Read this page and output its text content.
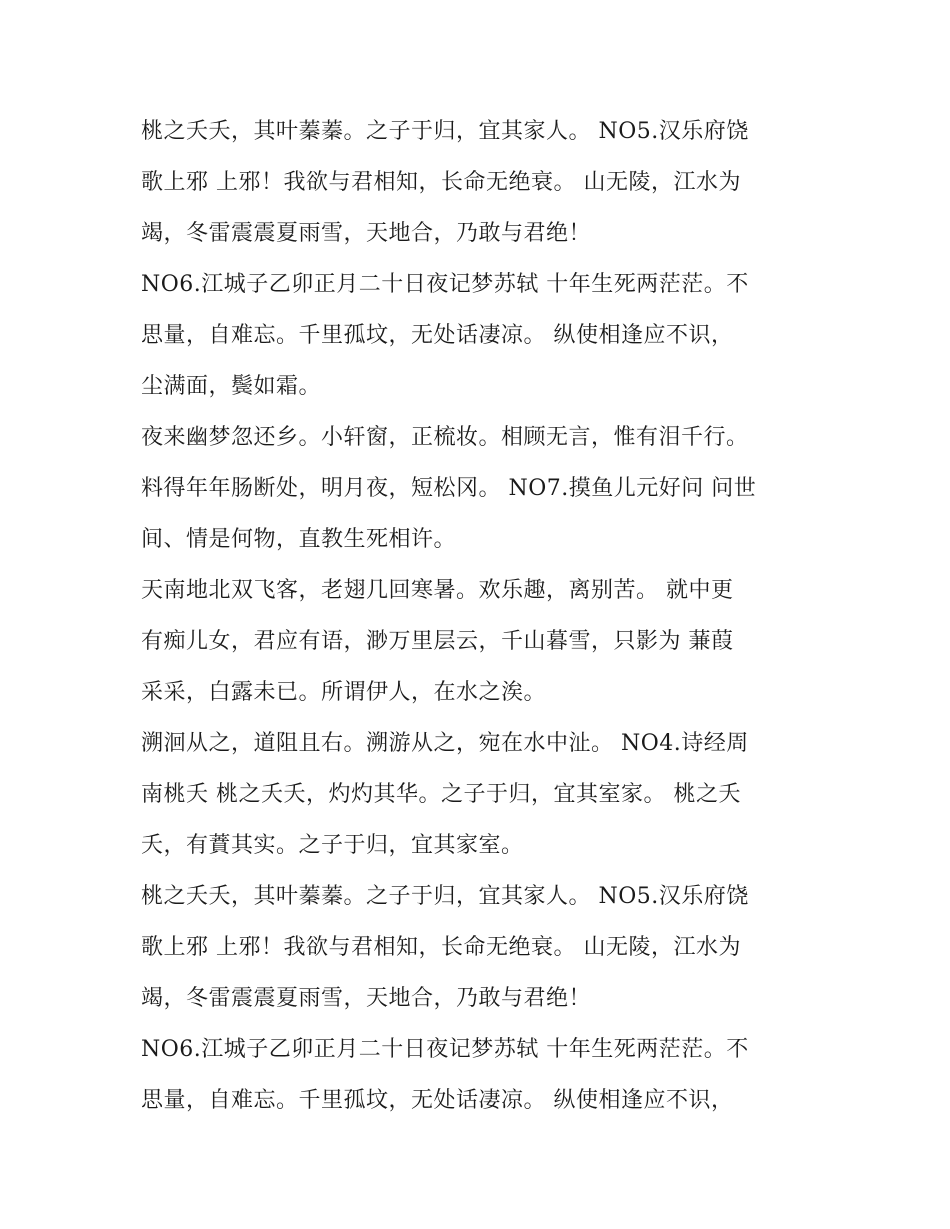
桃之夭夭，其叶蓁蓁。之子于归，宜其家人。 NO5.汉乐府饶
歌上邪 上邪！我欲与君相知，长命无绝衰。 山无陵，江水为
竭，冬雷震震夏雨雪，天地合，乃敢与君绝！
NO6.江城子乙卯正月二十日夜记梦苏轼 十年生死两茫茫。不
思量，自难忘。千里孤坟，无处话凄凉。 纵使相逢应不识，
尘满面，鬓如霜。
夜来幽梦忽还乡。小轩窗，正梳妆。相顾无言，惟有泪千行。
料得年年肠断处，明月夜，短松冈。 NO7.摸鱼儿元好问 问世
间、情是何物，直教生死相许。
天南地北双飞客，老翅几回寒暑。欢乐趣，离别苦。 就中更
有痴儿女，君应有语，渺万里层云，千山暮雪，只影为 蒹葭
采采，白露未已。所谓伊人，在水之涘。
溯洄从之，道阻且右。溯游从之，宛在水中沚。 NO4.诗经周
南桃夭 桃之夭夭，灼灼其华。之子于归，宜其室家。 桃之夭
夭，有蕡其实。之子于归，宜其家室。
桃之夭夭，其叶蓁蓁。之子于归，宜其家人。 NO5.汉乐府饶
歌上邪 上邪！我欲与君相知，长命无绝衰。 山无陵，江水为
竭，冬雷震震夏雨雪，天地合，乃敢与君绝！
NO6.江城子乙卯正月二十日夜记梦苏轼 十年生死两茫茫。不
思量，自难忘。千里孤坟，无处话凄凉。 纵使相逢应不识，
